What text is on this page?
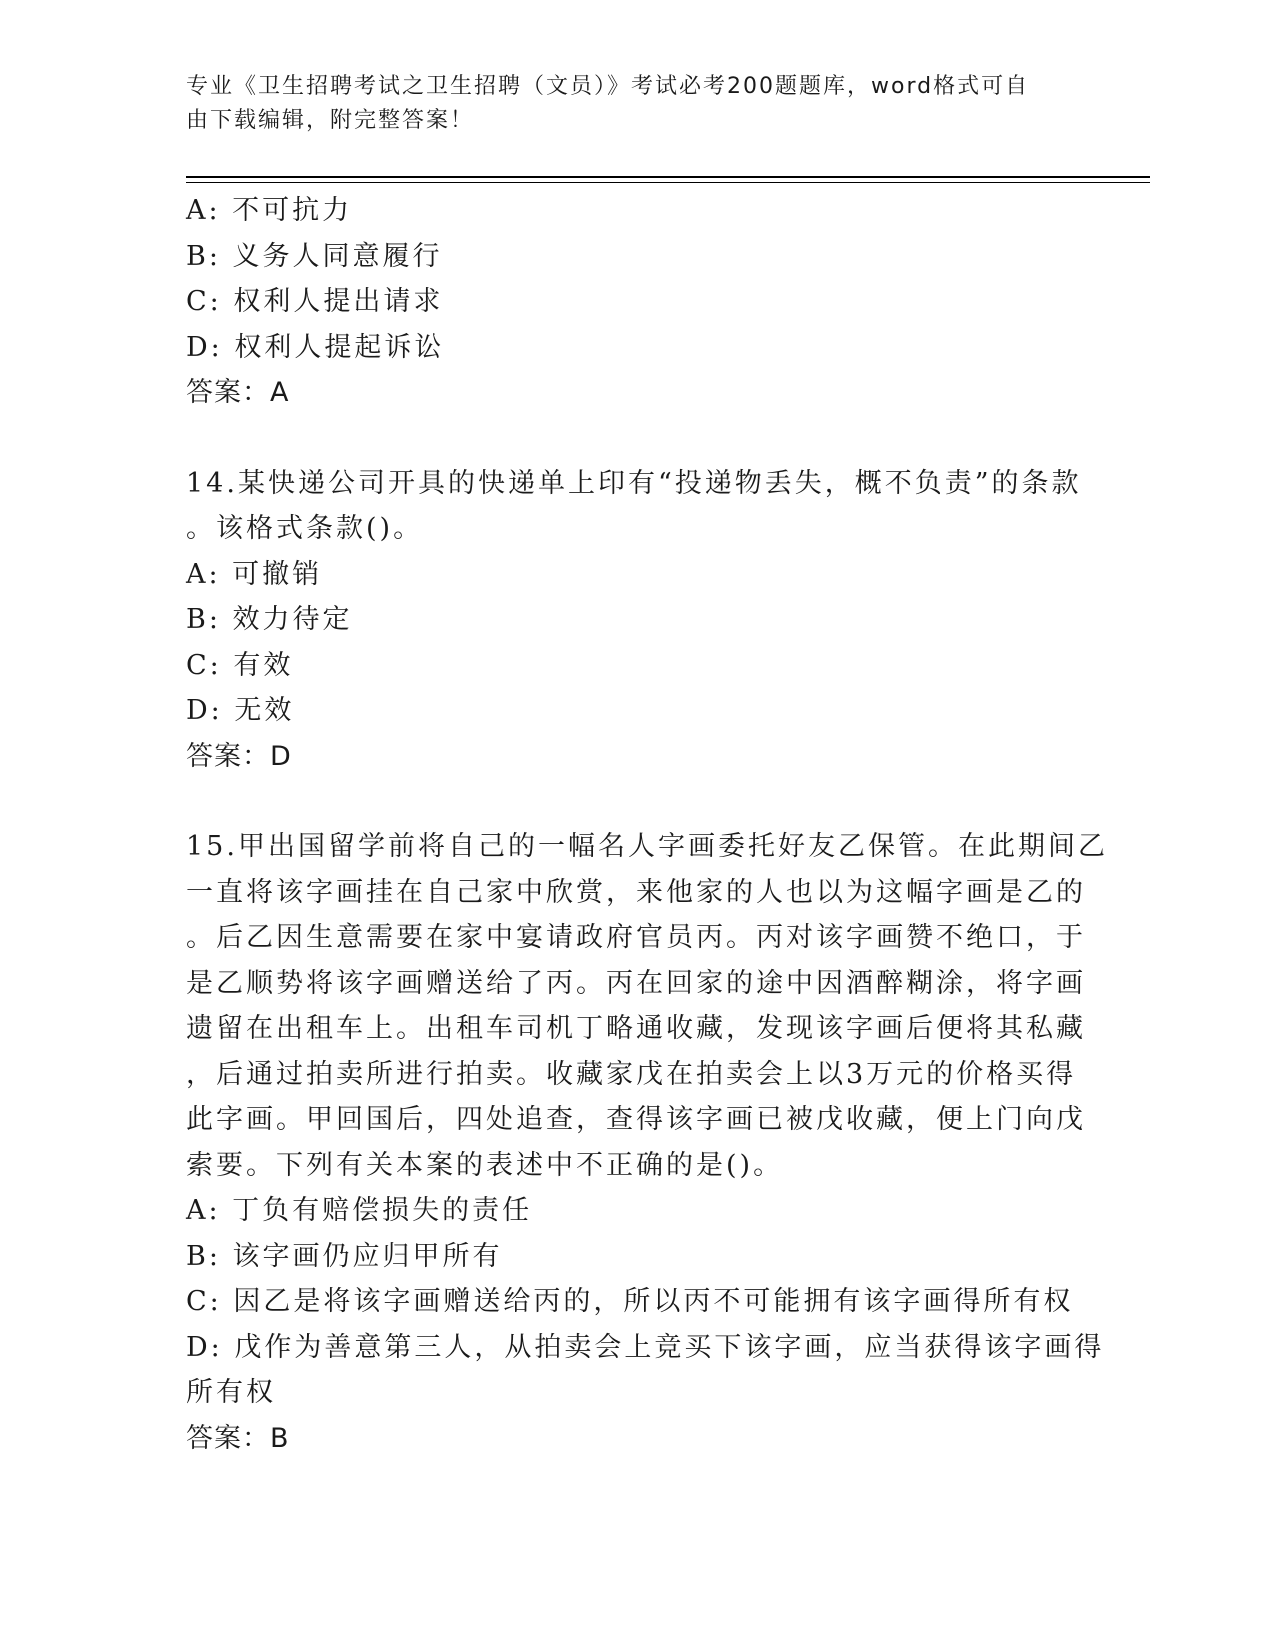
专业《卫生招聘考试之卫生招聘（文员）》考试必考200题题库，word格式可自
由下载编辑，附完整答案！
A: 不可抗力
B: 义务人同意履行
C: 权利人提出请求
D: 权利人提起诉讼
答案：A
14.某快递公司开具的快递单上印有“投递物丢失，概不负责”的条款
。该格式条款()。
A: 可撤销
B: 效力待定
C: 有效
D: 无效
答案：D
15.甲出国留学前将自己的一幅名人字画委托好友乙保管。在此期间乙
一直将该字画挂在自己家中欣赏，来他家的人也以为这幅字画是乙的
。后乙因生意需要在家中宴请政府官员丙。丙对该字画赞不绝口，于
是乙顺势将该字画赠送给了丙。丙在回家的途中因酒醉糊涂，将字画
遗留在出租车上。出租车司机丁略通收藏，发现该字画后便将其私藏
，后通过拍卖所进行拍卖。收藏家戊在拍卖会上以3万元的价格买得
此字画。甲回国后，四处追查，查得该字画已被戊收藏，便上门向戊
索要。下列有关本案的表述中不正确的是()。
A: 丁负有赔偿损失的责任
B: 该字画仍应归甲所有
C: 因乙是将该字画赠送给丙的，所以丙不可能拥有该字画得所有权
D: 戊作为善意第三人，从拍卖会上竞买下该字画，应当获得该字画得
所有权
答案：B
